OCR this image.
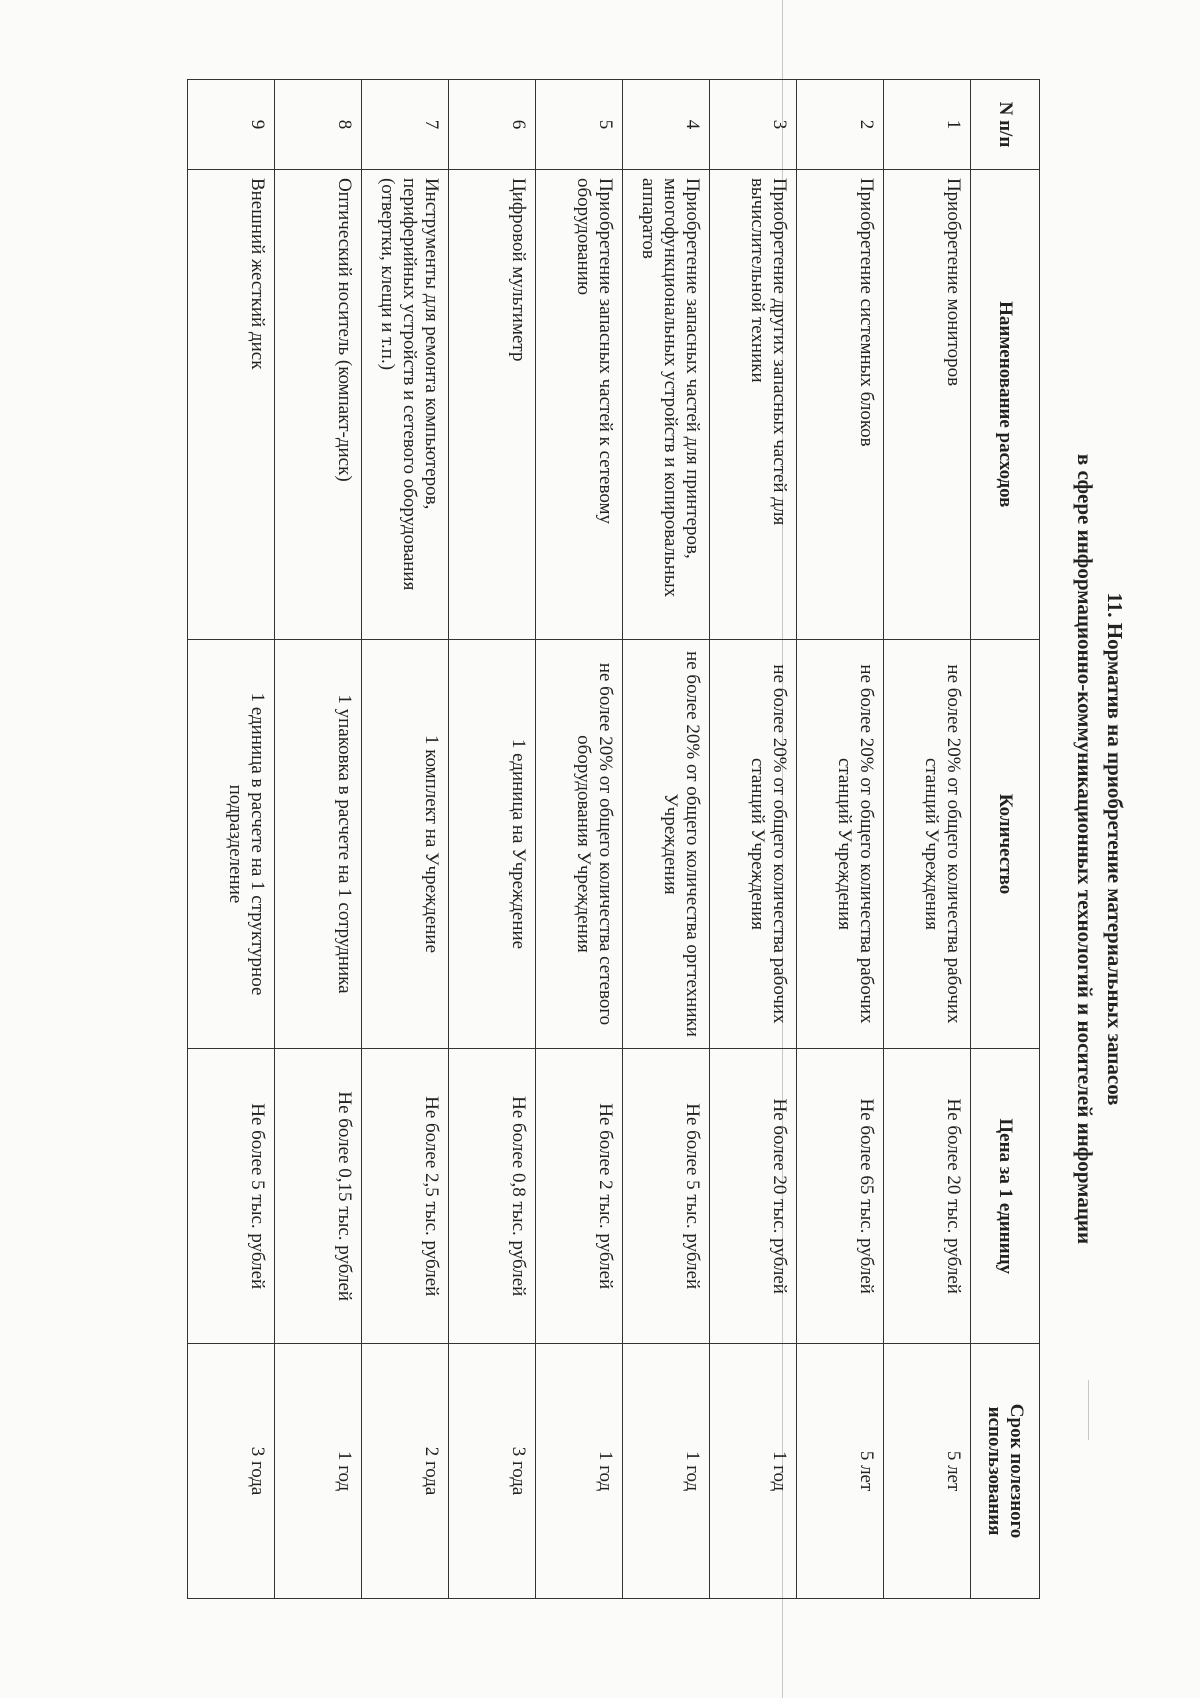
11. Норматив на приобретение материальных запасов
в сфере информационно-коммуникационных технологий и носителей информации
N п/п	Наименование расходов	Количество	Цена за 1 единицу	Срок полезного использования
1	Приобретение мониторов	не более 20% от общего количества рабочих станций Учреждения	Не более 20 тыс. рублей	5 лет
2	Приобретение системных блоков	не более 20% от общего количества рабочих станций Учреждения	Не более 65 тыс. рублей	5 лет
3	Приобретение других запасных частей для вычислительной техники	не более 20% от общего количества рабочих станций Учреждения	Не более 20 тыс. рублей	1 год
4	Приобретение запасных частей для принтеров, многофункциональных устройств и копировальных аппаратов	не более 20% от общего количества оргтехники Учреждения	Не более 5 тыс. рублей	1 год
5	Приобретение запасных частей к сетевому оборудованию	не более 20% от общего количества сетевого оборудования Учреждения	Не более 2 тыс. рублей	1 год
6	Цифровой мультиметр	1 единица на Учреждение	Не более 0,8 тыс. рублей	3 года
7	Инструменты для ремонта компьютеров, периферийных устройств и сетевого оборудования (отвертки, клещи и т.п.)	1 комплект на Учреждение	Не более 2,5 тыс. рублей	2 года
8	Оптический носитель (компакт-диск)	1 упаковка в расчете на 1 сотрудника	Не более 0,15 тыс. рублей	1 год
9	Внешний жесткий диск	1 единица в расчете на 1 структурное подразделение	Не более 5 тыс. рублей	3 года
